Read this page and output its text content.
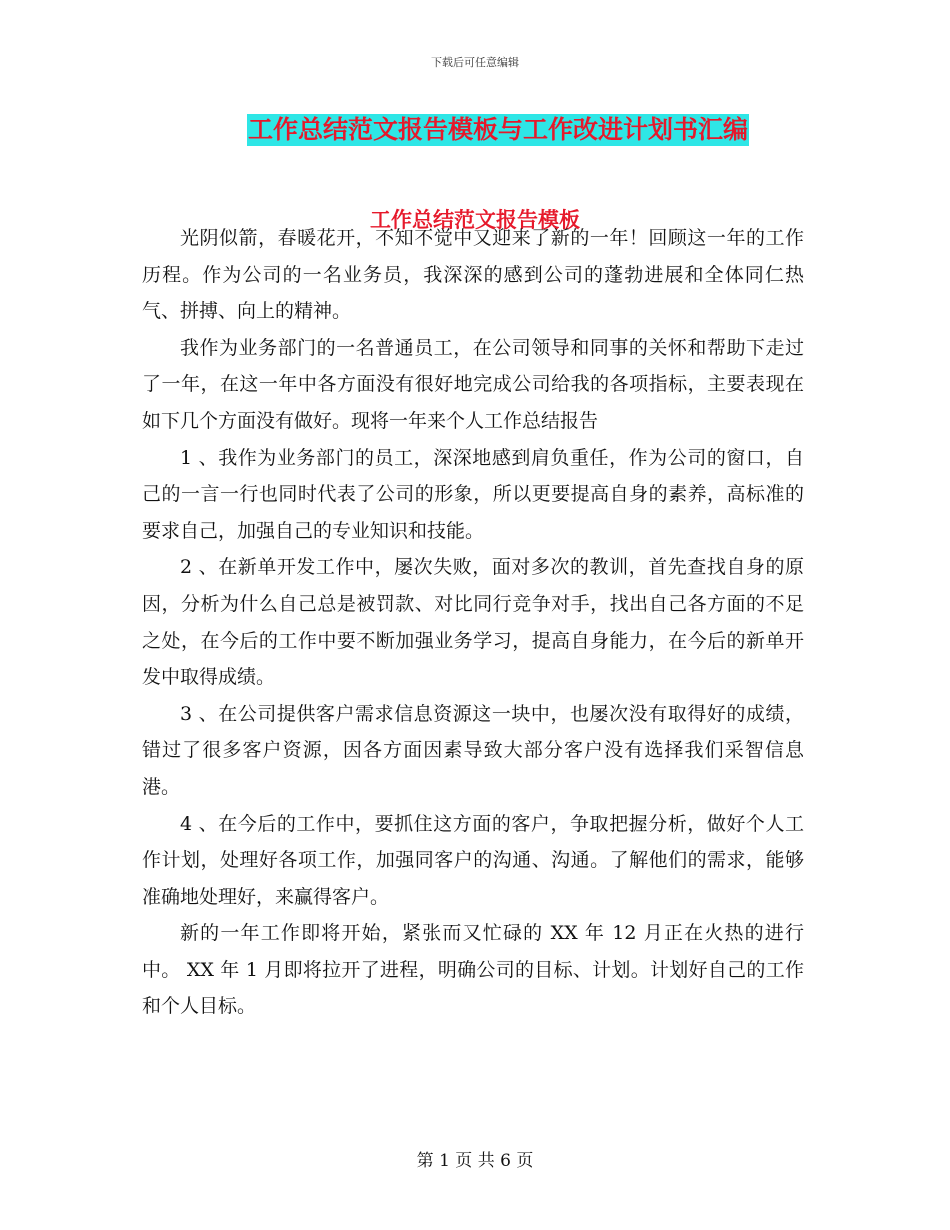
下载后可任意编辑
工作总结范文报告模板与工作改进计划书汇编
工作总结范文报告模板

光阴似箭，春暖花开，不知不觉中又迎来了新的一年！回顾这一年的工作历程。作为公司的一名业务员，我深深的感到公司的蓬勃进展和全体同仁热气、拼搏、向上的精神。

我作为业务部门的一名普通员工，在公司领导和同事的关怀和帮助下走过了一年，在这一年中各方面没有很好地完成公司给我的各项指标，主要表现在如下几个方面没有做好。现将一年来个人工作总结报告

1 、我作为业务部门的员工，深深地感到肩负重任，作为公司的窗口，自己的一言一行也同时代表了公司的形象，所以更要提高自身的素养，高标准的要求自己，加强自己的专业知识和技能。

2 、在新单开发工作中，屡次失败，面对多次的教训，首先查找自身的原因，分析为什么自己总是被罚款、对比同行竞争对手，找出自己各方面的不足之处，在今后的工作中要不断加强业务学习，提高自身能力，在今后的新单开发中取得成绩。

3 、在公司提供客户需求信息资源这一块中，也屡次没有取得好的成绩，错过了很多客户资源，因各方面因素导致大部分客户没有选择我们采智信息港。

4 、在今后的工作中，要抓住这方面的客户，争取把握分析，做好个人工作计划，处理好各项工作，加强同客户的沟通、沟通。了解他们的需求，能够准确地处理好，来赢得客户。

新的一年工作即将开始，紧张而又忙碌的 XX 年 12 月正在火热的进行中。 XX 年 1 月即将拉开了进程，明确公司的目标、计划。计划好自己的工作和个人目标。

第 1 页 共 6 页
